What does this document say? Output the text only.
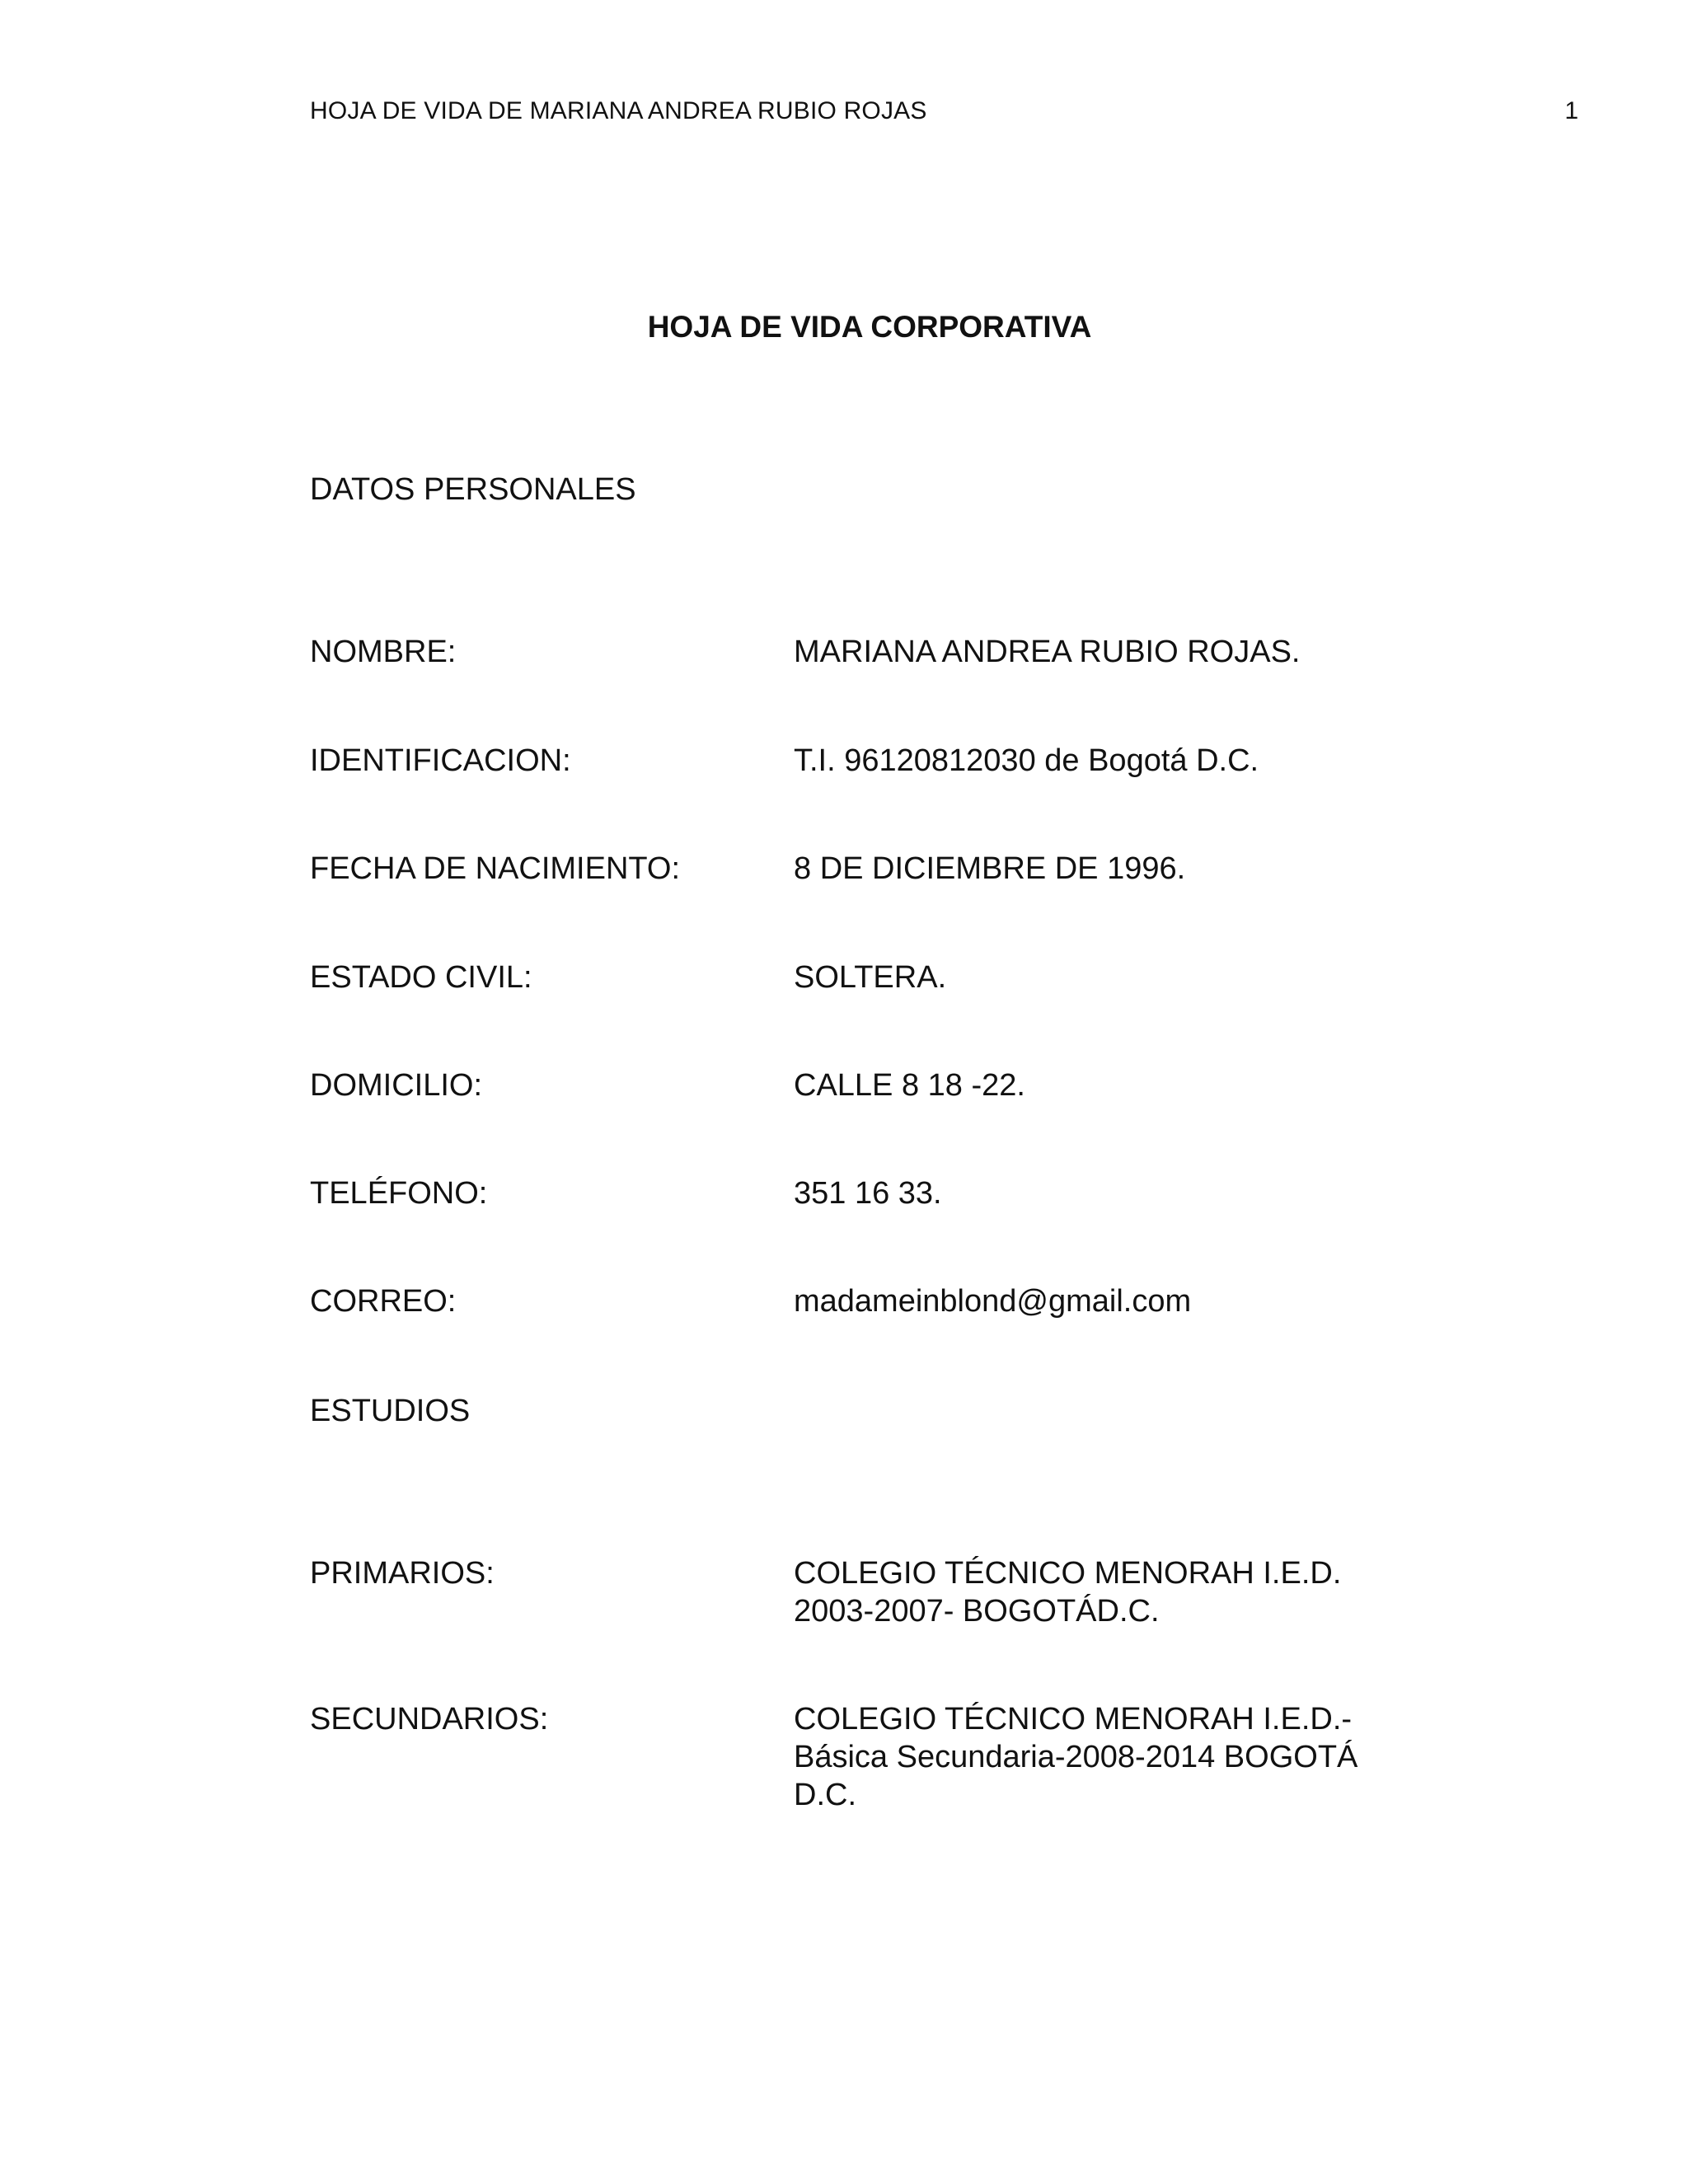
HOJA DE VIDA DE MARIANA ANDREA RUBIO ROJAS	1
HOJA DE VIDA CORPORATIVA
DATOS PERSONALES
NOMBRE:	MARIANA ANDREA RUBIO ROJAS.
IDENTIFICACION:	T.I. 96120812030 de Bogotá D.C.
FECHA DE NACIMIENTO:	8 DE DICIEMBRE DE 1996.
ESTADO CIVIL:	SOLTERA.
DOMICILIO:	CALLE 8 18 -22.
TELÉFONO:	351 16 33.
CORREO:	madameinblond@gmail.com
ESTUDIOS
PRIMARIOS:	COLEGIO TÉCNICO MENORAH I.E.D.
2003-2007- BOGOTÁD.C.
SECUNDARIOS:	COLEGIO TÉCNICO MENORAH I.E.D.-
Básica Secundaria-2008-2014 BOGOTÁ
D.C.
